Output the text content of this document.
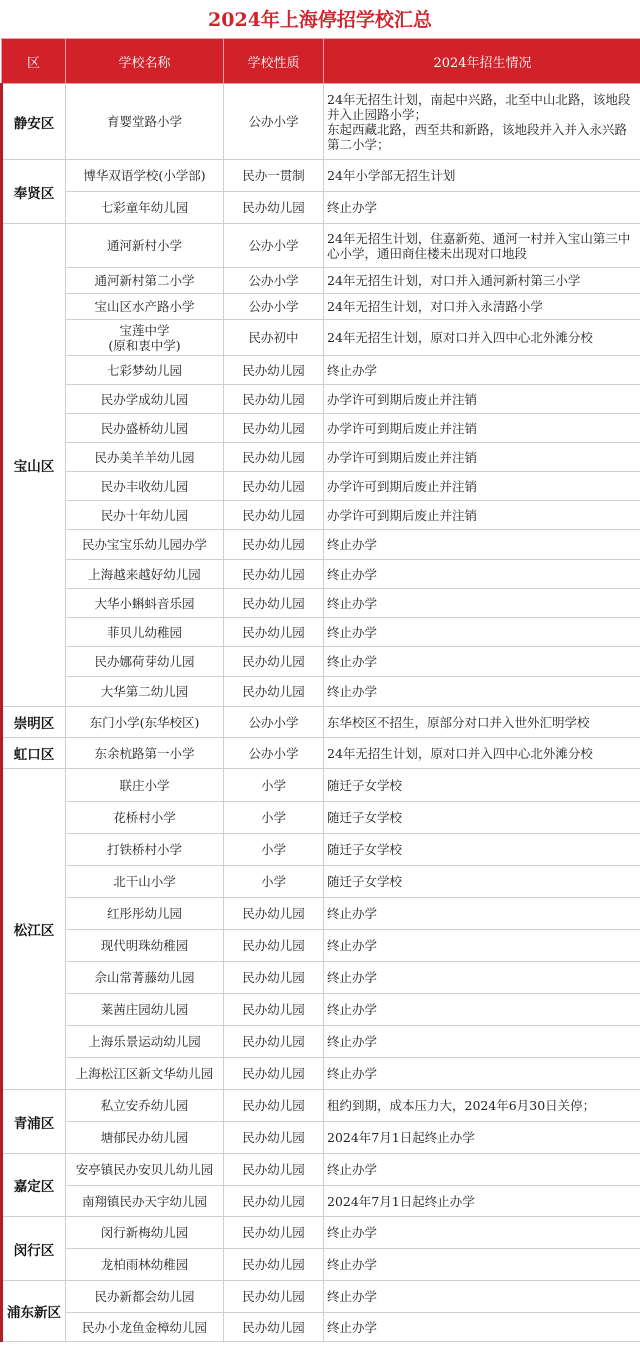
2024年上海停招学校汇总
区	学校名称	学校性质	2024年招生情况
静安区	育婴堂路小学	公办小学	24年无招生计划，南起中兴路，北至中山北路，该地段并入止园路小学；
东起西藏北路，西至共和新路，该地段并入并入永兴路第二小学；

奉贤区	博华双语学校(小学部)	民办一贯制	24年小学部无招生计划

	七彩童年幼儿园	民办幼儿园	终止办学

宝山区	通河新村小学	公办小学	24年无招生计划，住嘉新苑、通河一村并入宝山第三中心小学，通田商住楼未出现对口地段

	通河新村第二小学	公办小学	24年无招生计划，对口并入通河新村第三小学

	宝山区水产路小学	公办小学	24年无招生计划，对口并入永清路小学

	宝莲中学
(原和衷中学)	民办初中	24年无招生计划，原对口并入四中心北外滩分校

	七彩梦幼儿园	民办幼儿园	终止办学

	民办学成幼儿园	民办幼儿园	办学许可到期后废止并注销

	民办盛桥幼儿园	民办幼儿园	办学许可到期后废止并注销

	民办美羊羊幼儿园	民办幼儿园	办学许可到期后废止并注销

	民办丰收幼儿园	民办幼儿园	办学许可到期后废止并注销

	民办十年幼儿园	民办幼儿园	办学许可到期后废止并注销

	民办宝宝乐幼儿园办学	民办幼儿园	终止办学

	上海越来越好幼儿园	民办幼儿园	终止办学

	大华小蝌蚪音乐园	民办幼儿园	终止办学

	菲贝儿幼稚园	民办幼儿园	终止办学

	民办娜荷芽幼儿园	民办幼儿园	终止办学

	大华第二幼儿园	民办幼儿园	终止办学

崇明区	东门小学(东华校区)	公办小学	东华校区不招生，原部分对口并入世外汇明学校

虹口区	东余杭路第一小学	公办小学	24年无招生计划，原对口并入四中心北外滩分校

松江区	联庄小学	小学	随迁子女学校

	花桥村小学	小学	随迁子女学校

	打铁桥村小学	小学	随迁子女学校

	北干山小学	小学	随迁子女学校

	红彤彤幼儿园	民办幼儿园	终止办学

	现代明珠幼稚园	民办幼儿园	终止办学

	佘山常菁藤幼儿园	民办幼儿园	终止办学

	莱茜庄园幼儿园	民办幼儿园	终止办学

	上海乐景运动幼儿园	民办幼儿园	终止办学

	上海松江区新文华幼儿园	民办幼儿园	终止办学

青浦区	私立安乔幼儿园	民办幼儿园	租约到期，成本压力大，2024年6月30日关停；

	塘郁民办幼儿园	民办幼儿园	2024年7月1日起终止办学

嘉定区	安亭镇民办安贝儿幼儿园	民办幼儿园	终止办学

	南翔镇民办天宇幼儿园	民办幼儿园	2024年7月1日起终止办学

闵行区	闵行新梅幼儿园	民办幼儿园	终止办学

	龙柏雨林幼稚园	民办幼儿园	终止办学

浦东新区	民办新都会幼儿园	民办幼儿园	终止办学

	民办小龙鱼金樟幼儿园	民办幼儿园	终止办学
